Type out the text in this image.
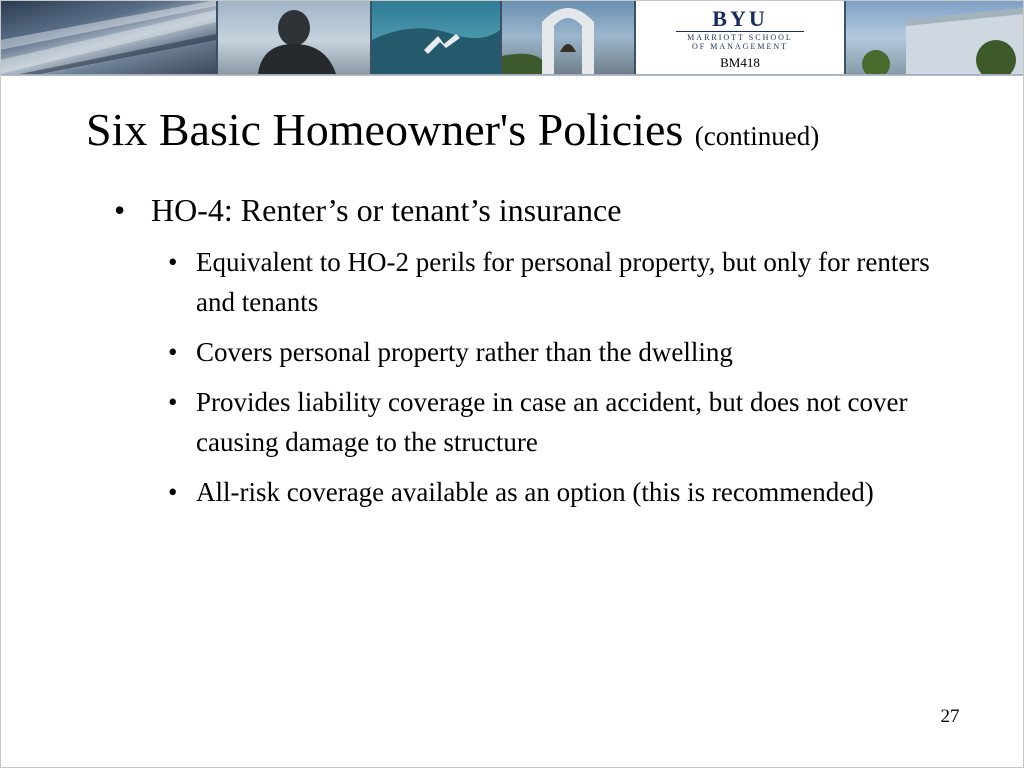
BYU
MARRIOTT SCHOOL
OF MANAGEMENT
BM418
Six Basic Homeowner's Policies (continued)
• HO-4: Renter’s or tenant’s insurance
• Equivalent to HO-2 perils for personal property, but only for renters and tenants
• Covers personal property rather than the dwelling
• Provides liability coverage in case an accident, but does not cover causing damage to the structure
• All-risk coverage available as an option (this is recommended)
27
